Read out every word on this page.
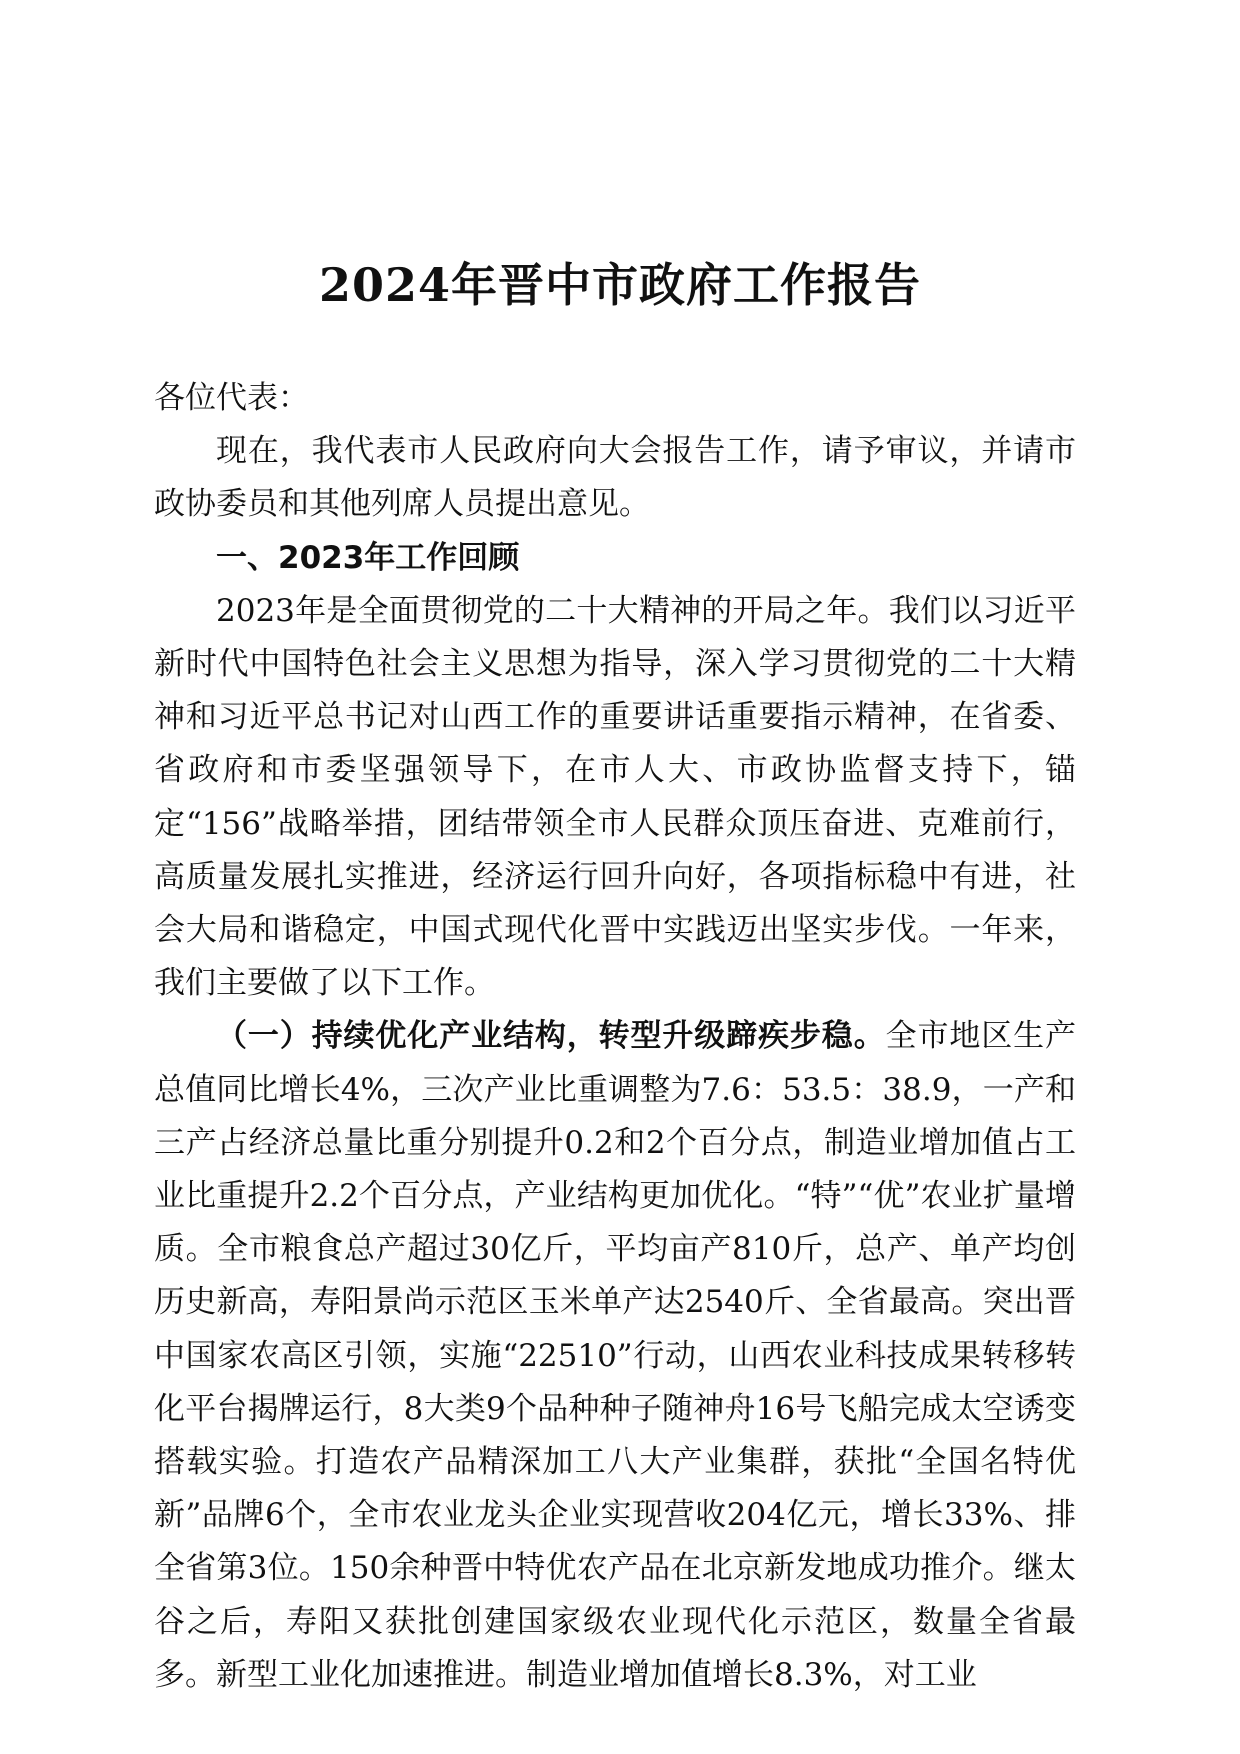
2024年晋中市政府工作报告

各位代表：

现在，我代表市人民政府向大会报告工作，请予审议，并请市政协委员和其他列席人员提出意见。

一、2023年工作回顾

2023年是全面贯彻党的二十大精神的开局之年。我们以习近平新时代中国特色社会主义思想为指导，深入学习贯彻党的二十大精神和习近平总书记对山西工作的重要讲话重要指示精神，在省委、省政府和市委坚强领导下，在市人大、市政协监督支持下，锚定“156”战略举措，团结带领全市人民群众顶压奋进、克难前行，高质量发展扎实推进，经济运行回升向好，各项指标稳中有进，社会大局和谐稳定，中国式现代化晋中实践迈出坚实步伐。一年来，我们主要做了以下工作。

（一）持续优化产业结构，转型升级蹄疾步稳。全市地区生产总值同比增长4%，三次产业比重调整为7.6：53.5：38.9，一产和三产占经济总量比重分别提升0.2和2个百分点，制造业增加值占工业比重提升2.2个百分点，产业结构更加优化。“特”“优”农业扩量增质。全市粮食总产超过30亿斤，平均亩产810斤，总产、单产均创历史新高，寿阳景尚示范区玉米单产达2540斤、全省最高。突出晋中国家农高区引领，实施“22510”行动，山西农业科技成果转移转化平台揭牌运行，8大类9个品种种子随神舟16号飞船完成太空诱变搭载实验。打造农产品精深加工八大产业集群，获批“全国名特优新”品牌6个，全市农业龙头企业实现营收204亿元，增长33%、排全省第3位。150余种晋中特优农产品在北京新发地成功推介。继太谷之后，寿阳又获批创建国家级农业现代化示范区，数量全省最多。新型工业化加速推进。制造业增加值增长8.3%，对工业
